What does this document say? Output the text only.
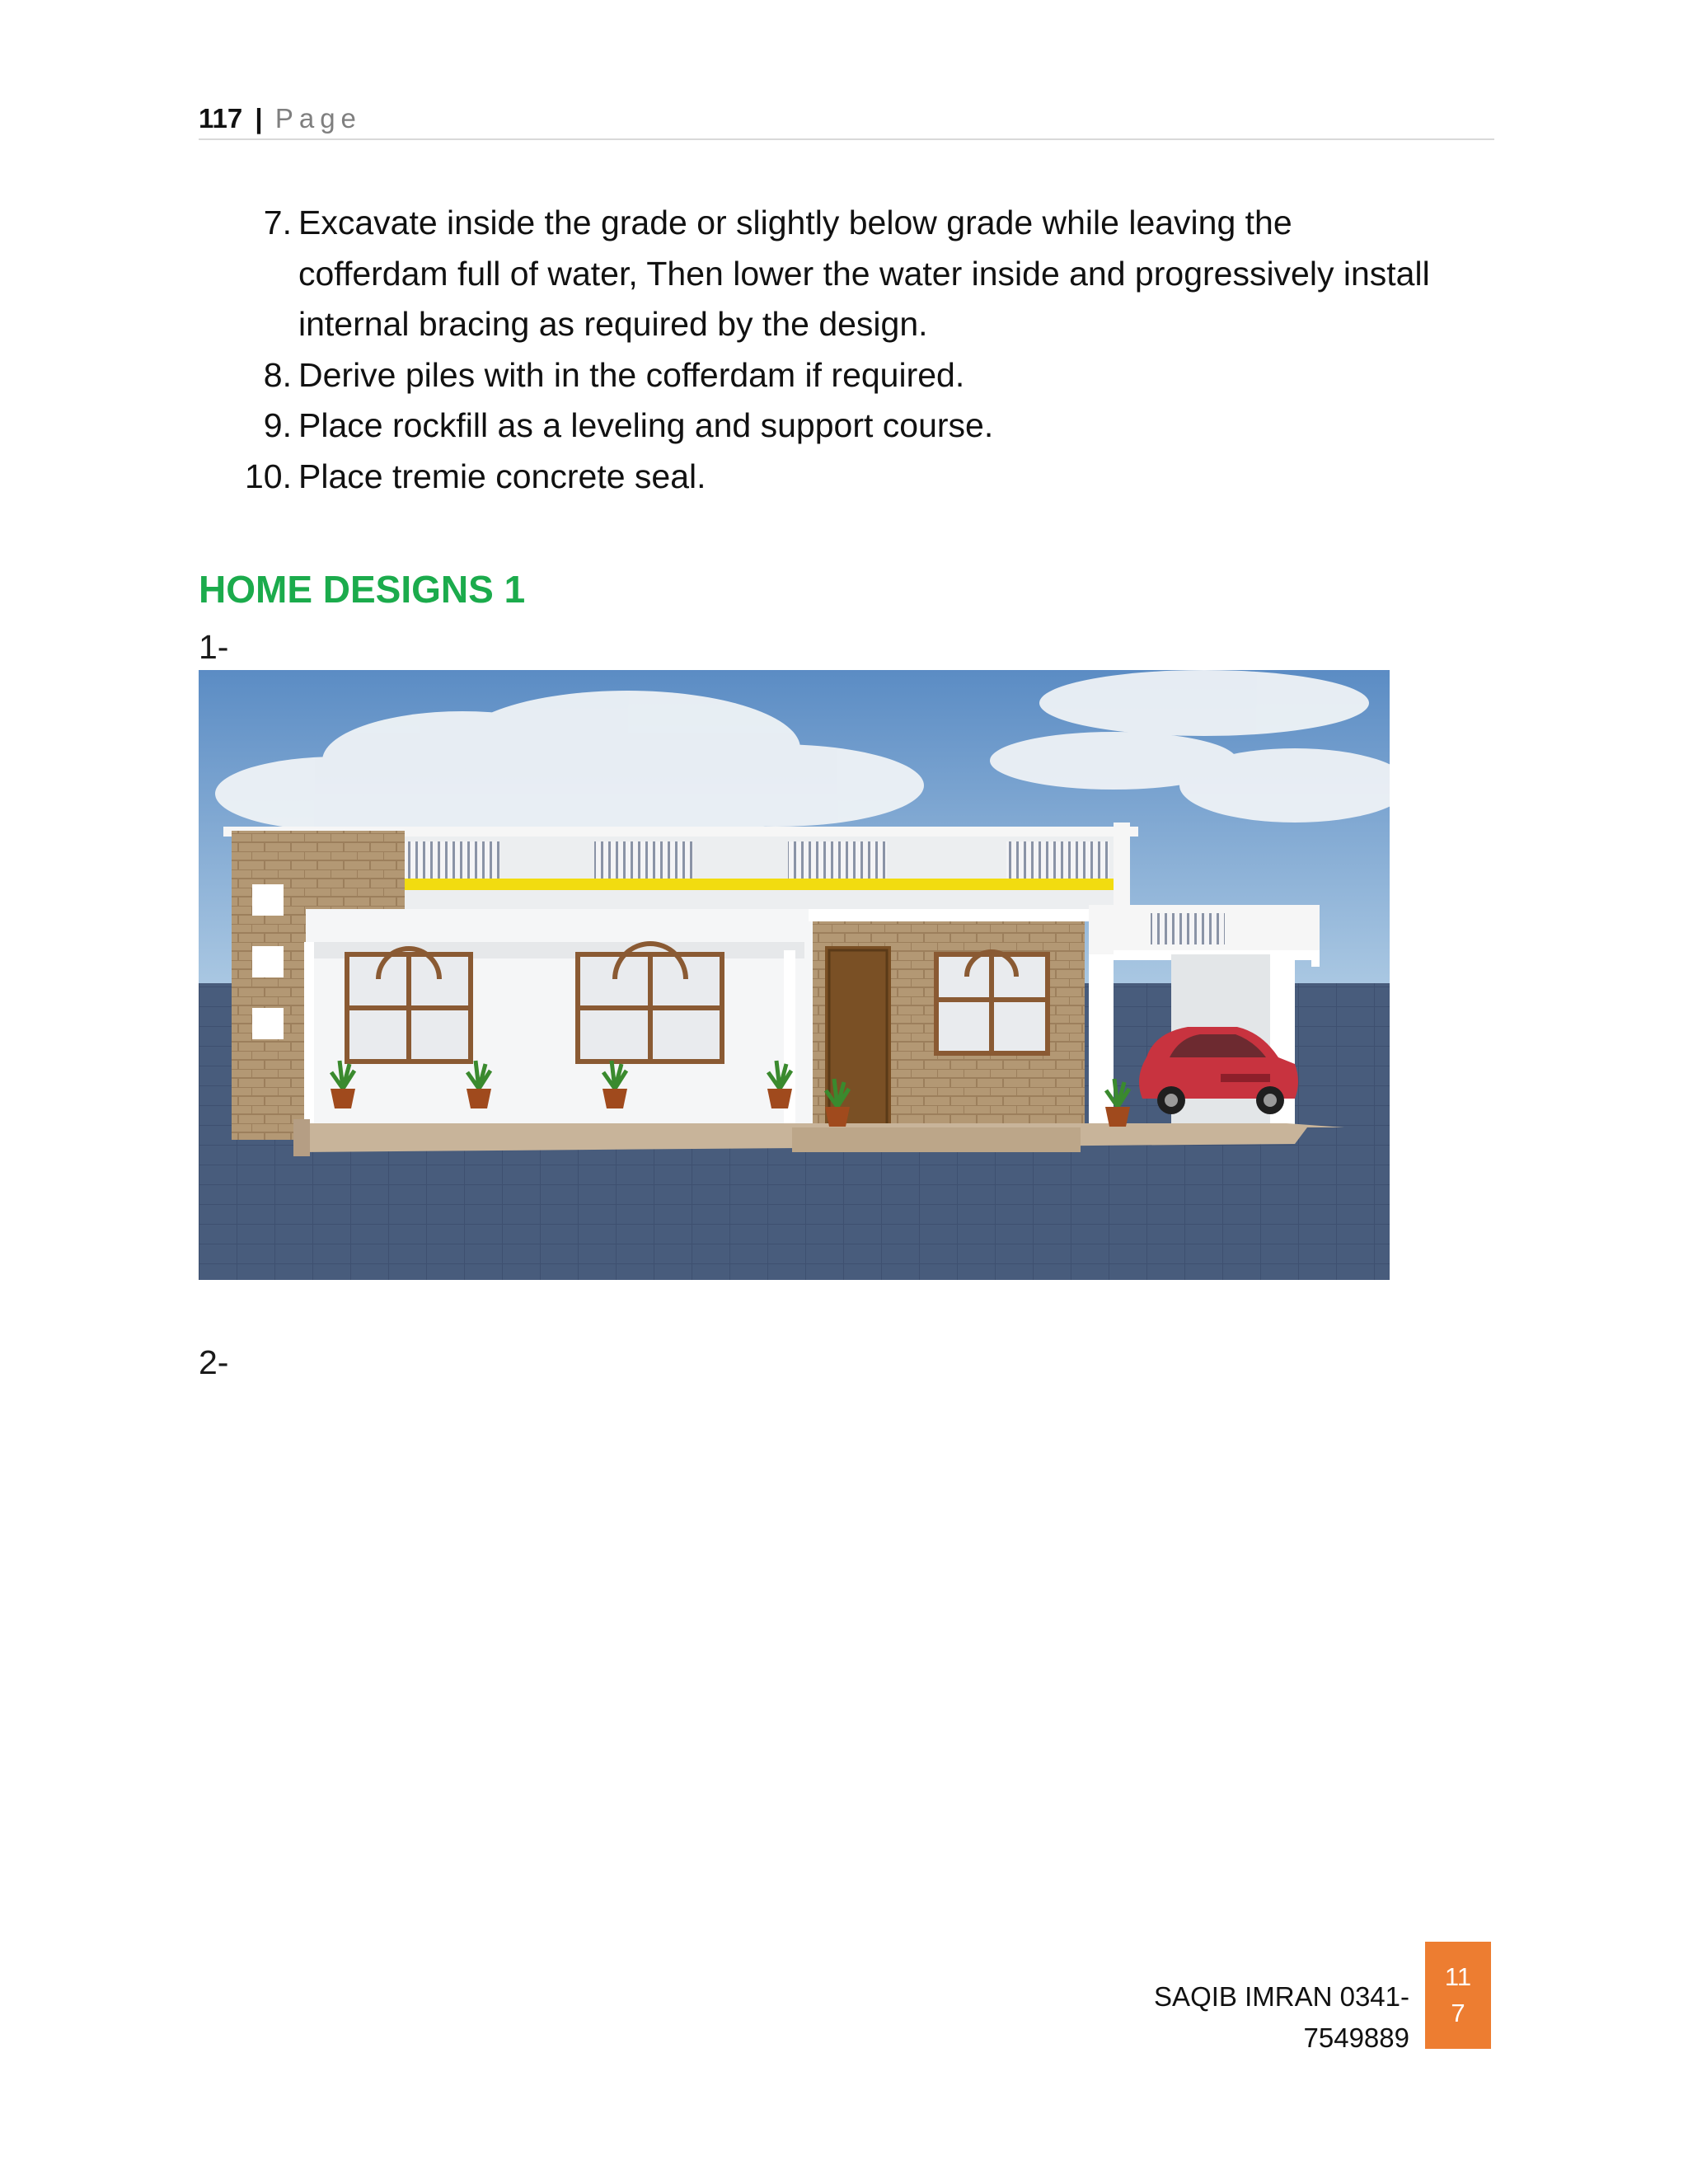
117 | Page
7. Excavate inside the grade or slightly below grade while leaving the cofferdam full of water, Then lower the water inside and progressively install internal bracing as required by the design.
8. Derive piles with in the cofferdam if required.
9. Place rockfill as a leveling and support course.
10. Place tremie concrete seal.
HOME DESIGNS 1
1-
2-
SAQIB IMRAN 0341-7549889
11
7
